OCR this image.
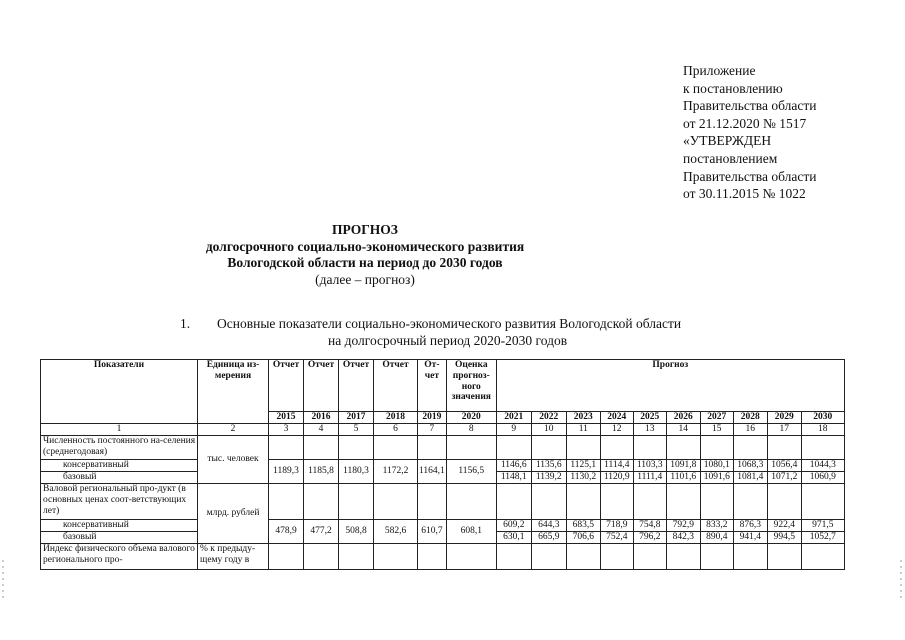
Приложение
к постановлению
Правительства области
от 21.12.2020 № 1517
«УТВЕРЖДЕН
постановлением
Правительства области
от 30.11.2015 № 1022
ПРОГНОЗ
долгосрочного социально-экономического развития
Вологодской области на период до 2030 годов
(далее – прогноз)
1. Основные показатели социально-экономического развития Вологодской области
на долгосрочный период 2020-2030 годов
Показатели	Единица из-мерения	Отчет	Отчет	Отчет	Отчет	От-чет	Оценка прогноз-ного значения	Прогноз									
		2015	2016	2017	2018	2019	2020	2021	2022	2023	2024	2025	2026	2027	2028	2029	2030
1	2	3	4	5	6	7	8	9	10	11	12	13	14	15	16	17	18
Численность постоянного на-селения (среднегодовая)	тыс. человек																
консервативный		1189,3	1185,8	1180,3	1172,2	1164,1	1156,5	1146,6	1135,6	1125,1	1114,4	1103,3	1091,8	1080,1	1068,3	1056,4	1044,3
базовый								1148,1	1139,2	1130,2	1120,9	1111,4	1101,6	1091,6	1081,4	1071,2	1060,9
Валовой региональный про-дукт (в основных ценах соот-ветствующих лет)	млрд. рублей																
консервативный		478,9	477,2	508,8	582,6	610,7	608,1	609,2	644,3	683,5	718,9	754,8	792,9	833,2	876,3	922,4	971,5
базовый								630,1	665,9	706,6	752,4	796,2	842,3	890,4	941,4	994,5	1052,7
Индекс физического объема валового регионального про-	% к предыду-щему году в																
